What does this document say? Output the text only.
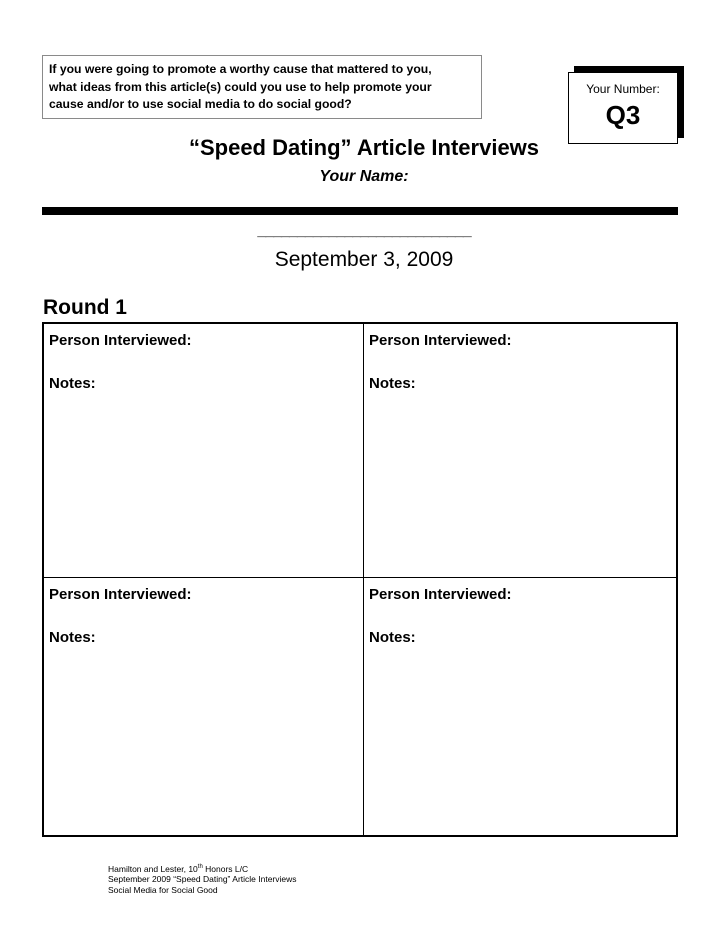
If you were going to promote a worthy cause that mattered to you,
what ideas from this article(s) could you use to help promote your
cause and/or to use social media to do social good?
Your Number:
Q3
“Speed Dating” Article Interviews
Your Name:
___________________________
September 3, 2009
Round 1
Person Interviewed:
Notes:
Person Interviewed:
Notes:
Person Interviewed:
Notes:
Person Interviewed:
Notes:
Hamilton and Lester, 10th Honors L/C
September 2009 “Speed Dating” Article Interviews
Social Media for Social Good
